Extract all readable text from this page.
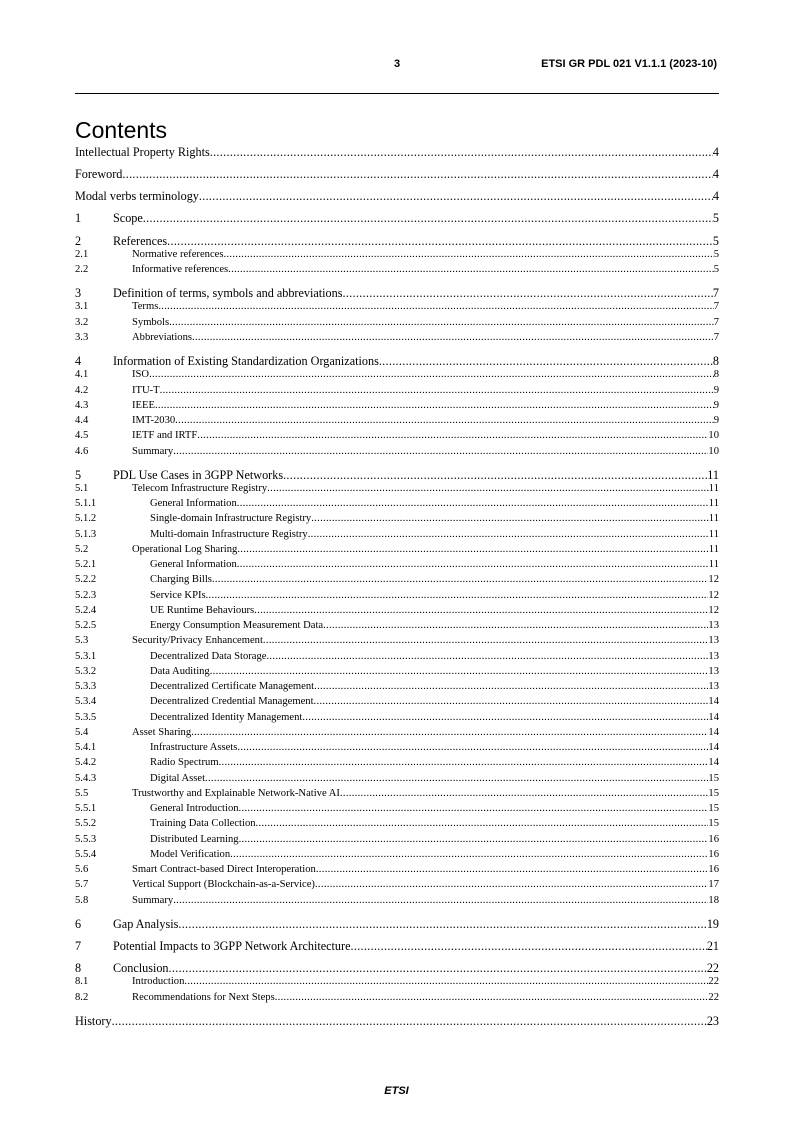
3	ETSI GR PDL 021 V1.1.1 (2023-10)
Contents
Intellectual Property Rights .....	4
Foreword .....	4
Modal verbs terminology .....	4
1	Scope .....	5
2	References .....	5
2.1	Normative references .....	5
2.2	Informative references .....	5
3	Definition of terms, symbols and abbreviations .....	7
3.1	Terms .....	7
3.2	Symbols .....	7
3.3	Abbreviations .....	7
4	Information of Existing Standardization Organizations .....	8
4.1	ISO .....	8
4.2	ITU-T .....	9
4.3	IEEE .....	9
4.4	IMT-2030 .....	9
4.5	IETF and IRTF .....	10
4.6	Summary .....	10
5	PDL Use Cases in 3GPP Networks .....	11
5.1	Telecom Infrastructure Registry .....	11
5.1.1	General Information .....	11
5.1.2	Single-domain Infrastructure Registry .....	11
5.1.3	Multi-domain Infrastructure Registry .....	11
5.2	Operational Log Sharing .....	11
5.2.1	General Information .....	11
5.2.2	Charging Bills .....	12
5.2.3	Service KPIs .....	12
5.2.4	UE Runtime Behaviours .....	12
5.2.5	Energy Consumption Measurement Data .....	13
5.3	Security/Privacy Enhancement .....	13
5.3.1	Decentralized Data Storage .....	13
5.3.2	Data Auditing .....	13
5.3.3	Decentralized Certificate Management .....	13
5.3.4	Decentralized Credential Management .....	14
5.3.5	Decentralized Identity Management .....	14
5.4	Asset Sharing .....	14
5.4.1	Infrastructure Assets .....	14
5.4.2	Radio Spectrum .....	14
5.4.3	Digital Asset .....	15
5.5	Trustworthy and Explainable Network-Native AI .....	15
5.5.1	General Introduction .....	15
5.5.2	Training Data Collection .....	15
5.5.3	Distributed Learning .....	16
5.5.4	Model Verification .....	16
5.6	Smart Contract-based Direct Interoperation .....	16
5.7	Vertical Support (Blockchain-as-a-Service) .....	17
5.8	Summary .....	18
6	Gap Analysis .....	19
7	Potential Impacts to 3GPP Network Architecture .....	21
8	Conclusion .....	22
8.1	Introduction .....	22
8.2	Recommendations for Next Steps .....	22
History .....	23
ETSI
